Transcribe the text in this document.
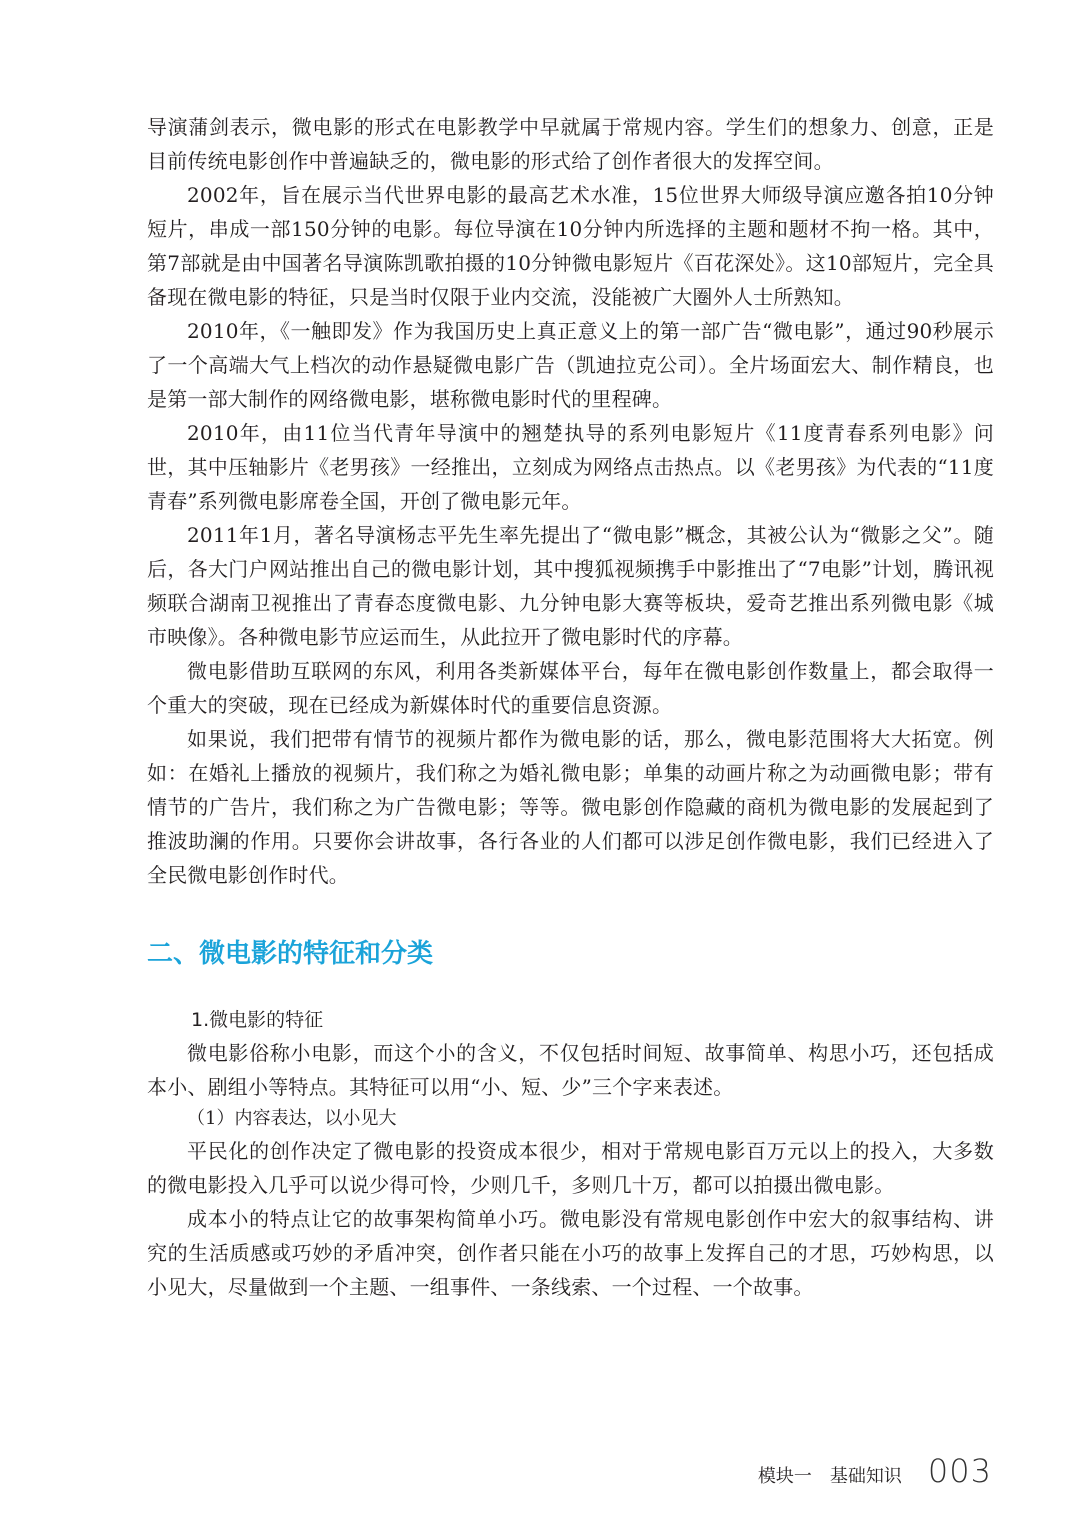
导演蒲剑表示，微电影的形式在电影教学中早就属于常规内容。学生们的想象力、创意，正是目前传统电影创作中普遍缺乏的，微电影的形式给了创作者很大的发挥空间。

2002年，旨在展示当代世界电影的最高艺术水准，15位世界大师级导演应邀各拍10分钟短片，串成一部150分钟的电影。每位导演在10分钟内所选择的主题和题材不拘一格。其中，第7部就是由中国著名导演陈凯歌拍摄的10分钟微电影短片《百花深处》。这10部短片，完全具备现在微电影的特征，只是当时仅限于业内交流，没能被广大圈外人士所熟知。

2010年，《一触即发》作为我国历史上真正意义上的第一部广告“微电影”，通过90秒展示了一个高端大气上档次的动作悬疑微电影广告（凯迪拉克公司）。全片场面宏大、制作精良，也是第一部大制作的网络微电影，堪称微电影时代的里程碑。

2010年，由11位当代青年导演中的翘楚执导的系列电影短片《11度青春系列电影》问世，其中压轴影片《老男孩》一经推出，立刻成为网络点击热点。以《老男孩》为代表的“11度青春”系列微电影席卷全国，开创了微电影元年。

2011年1月，著名导演杨志平先生率先提出了“微电影”概念，其被公认为“微影之父”。随后，各大门户网站推出自己的微电影计划，其中搜狐视频携手中影推出了“7电影”计划，腾讯视频联合湖南卫视推出了青春态度微电影、九分钟电影大赛等板块，爱奇艺推出系列微电影《城市映像》。各种微电影节应运而生，从此拉开了微电影时代的序幕。

微电影借助互联网的东风，利用各类新媒体平台，每年在微电影创作数量上，都会取得一个重大的突破，现在已经成为新媒体时代的重要信息资源。

如果说，我们把带有情节的视频片都作为微电影的话，那么，微电影范围将大大拓宽。例如：在婚礼上播放的视频片，我们称之为婚礼微电影；单集的动画片称之为动画微电影；带有情节的广告片，我们称之为广告微电影；等等。微电影创作隐藏的商机为微电影的发展起到了推波助澜的作用。只要你会讲故事，各行各业的人们都可以涉足创作微电影，我们已经进入了全民微电影创作时代。

二、微电影的特征和分类
1.微电影的特征

微电影俗称小电影，而这个小的含义，不仅包括时间短、故事简单、构思小巧，还包括成本小、剧组小等特点。其特征可以用“小、短、少”三个字来表述。

（1）内容表达，以小见大

平民化的创作决定了微电影的投资成本很少，相对于常规电影百万元以上的投入，大多数的微电影投入几乎可以说少得可怜，少则几千，多则几十万，都可以拍摄出微电影。

成本小的特点让它的故事架构简单小巧。微电影没有常规电影创作中宏大的叙事结构、讲究的生活质感或巧妙的矛盾冲突，创作者只能在小巧的故事上发挥自己的才思，巧妙构思，以小见大，尽量做到一个主题、一组事件、一条线索、一个过程、一个故事。

模块一 基础知识 003
